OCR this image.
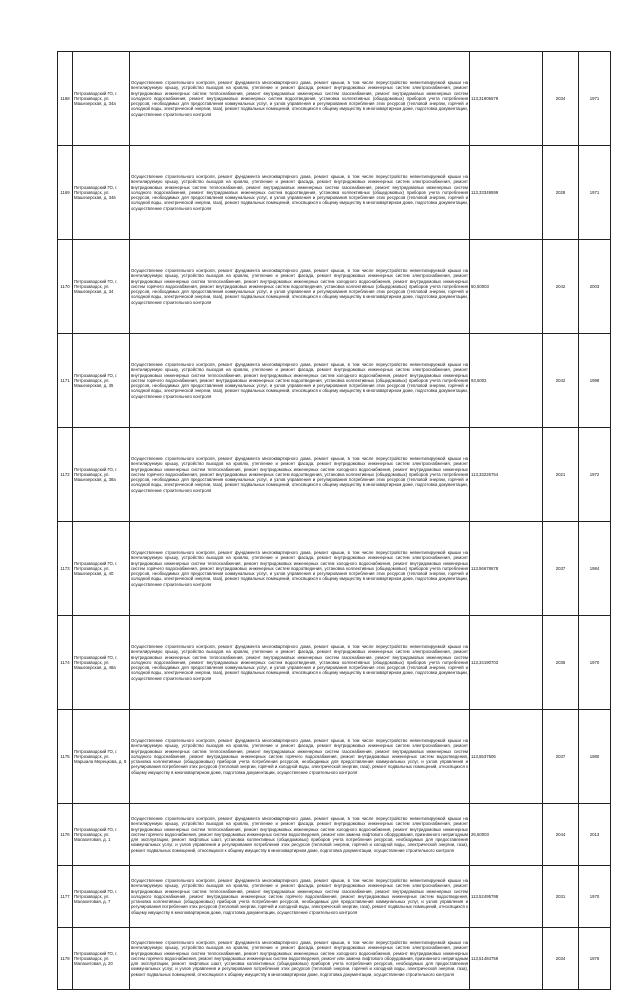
1168	Петрозаводский ГО, г. Петрозаводск, ул. Машезерская, д. 34а	Осуществление строительного контроля, ремонт фундамента многоквартирного дома, ремонт крыши, в том числе переустройство невентилируемой крыши на вентилируемую крышу, устройство выходов на кровлю, утепление и ремонт фасада, ремонт внутридомовых инженерных систем электроснабжения, ремонт внутридомовых инженерных систем теплоснабжения, ремонт внутридомовых инженерных систем газоснабжения, ремонт внутридомовых инженерных систем холодного водоснабжения, ремонт внутридомовых инженерных систем водоотведения, установка коллективных (общедомовых) приборов учета потребления ресурсов, необходимых для предоставления коммунальных услуг, и узлов управления и регулирования потребления этих ресурсов (тепловой энергии, горячей и холодной воды, электрической энергии, газа), ремонт подвальных помещений, относящихся к общему имуществу в многоквартирном доме, подготовка документации, осуществление строительного контроля	113,31905679	2034	1971
1169	Петрозаводский ГО, г. Петрозаводск, ул. Машезерская, д. 34в	Осуществление строительного контроля, ремонт фундамента многоквартирного дома, ремонт крыши, в том числе переустройство невентилируемой крыши на вентилируемую крышу, устройство выходов на кровлю, утепление и ремонт фасада, ремонт внутридомовых инженерных систем электроснабжения, ремонт внутридомовых инженерных систем теплоснабжения, ремонт внутридомовых инженерных систем газоснабжения, ремонт внутридомовых инженерных систем холодного водоснабжения, ремонт внутридомовых инженерных систем водоотведения, установка коллективных (общедомовых) приборов учета потребления ресурсов, необходимых для предоставления коммунальных услуг, и узлов управления и регулирования потребления этих ресурсов (тепловой энергии, горячей и холодной воды, электрической энергии, газа), ремонт подвальных помещений, относящихся к общему имуществу в многоквартирном доме, подготовка документации, осуществление строительного контроля	113,33349599	2028	1971
1170	Петрозаводский ГО, г. Петрозаводск, ул. Машезерская, д. 34	Осуществление строительного контроля, ремонт фундамента многоквартирного дома, ремонт крыши, в том числе переустройство невентилируемой крыши на вентилируемую крышу, устройство выходов на кровлю, утепление и ремонт фасада, ремонт внутридомовых инженерных систем электроснабжения, ремонт внутридомовых инженерных систем теплоснабжения, ремонт внутридомовых инженерных систем холодного водоснабжения, ремонт внутридомовых инженерных систем горячего водоснабжения, ремонт внутридомовых инженерных систем водоотведения, установка коллективных (общедомовых) приборов учета потребления ресурсов, необходимых для предоставления коммунальных услуг, и узлов управления и регулирования потребления этих ресурсов (тепловой энергии, горячей и холодной воды, электрической энергии, газа), ремонт подвальных помещений, относящихся к общему имуществу в многоквартирном доме, подготовка документации, осуществление строительного контроля	50,50003	2042	2003
1171	Петрозаводский ГО, г. Петрозаводск, ул. Машезерская, д. 35	Осуществление строительного контроля, ремонт фундамента многоквартирного дома, ремонт крыши, в том числе переустройство невентилируемой крыши на вентилируемую крышу, устройство выходов на кровлю, утепление и ремонт фасада, ремонт внутридомовых инженерных систем электроснабжения, ремонт внутридомовых инженерных систем теплоснабжения, ремонт внутридомовых инженерных систем холодного водоснабжения, ремонт внутридомовых инженерных систем горячего водоснабжения, ремонт внутридомовых инженерных систем водоотведения, установка коллективных (общедомовых) приборов учета потребления ресурсов, необходимых для предоставления коммунальных услуг, и узлов управления и регулирования потребления этих ресурсов (тепловой энергии, горячей и холодной воды, электрической энергии, газа), ремонт подвальных помещений, относящихся к общему имуществу в многоквартирном доме, подготовка документации, осуществление строительного контроля	93,5002	2042	1998
1172	Петрозаводский ГО, г. Петрозаводск, ул. Машезерская, д. 38а	Осуществление строительного контроля, ремонт фундамента многоквартирного дома, ремонт крыши, в том числе переустройство невентилируемой крыши на вентилируемую крышу, устройство выходов на кровлю, утепление и ремонт фасада, ремонт внутридомовых инженерных систем электроснабжения, ремонт внутридомовых инженерных систем теплоснабжения, ремонт внутридомовых инженерных систем холодного водоснабжения, ремонт внутридомовых инженерных систем горячего водоснабжения, ремонт внутридомовых инженерных систем водоотведения, установка коллективных (общедомовых) приборов учета потребления ресурсов, необходимых для предоставления коммунальных услуг, и узлов управления и регулирования потребления этих ресурсов (тепловой энергии, горячей и холодной воды, электрической энергии, газа), ремонт подвальных помещений, относящихся к общему имуществу в многоквартирном доме, подготовка документации, осуществление строительного контроля	113,33226754	2021	1972
1173	Петрозаводский ГО, г. Петрозаводск, ул. Машезерская, д. 40	Осуществление строительного контроля, ремонт фундамента многоквартирного дома, ремонт крыши, в том числе переустройство невентилируемой крыши на вентилируемую крышу, устройство выходов на кровлю, утепление и ремонт фасада, ремонт внутридомовых инженерных систем электроснабжения, ремонт внутридомовых инженерных систем теплоснабжения, ремонт внутридомовых инженерных систем холодного водоснабжения, ремонт внутридомовых инженерных систем горячего водоснабжения, ремонт внутридомовых инженерных систем водоотведения, установка коллективных (общедомовых) приборов учета потребления ресурсов, необходимых для предоставления коммунальных услуг, и узлов управления и регулирования потребления этих ресурсов (тепловой энергии, горячей и холодной воды, электрической энергии, газа), ремонт подвальных помещений, относящихся к общему имуществу в многоквартирном доме, подготовка документации, осуществление строительного контроля	113,56678678	2037	1984
1174	Петрозаводский ГО, г. Петрозаводск, ул. Машезерская, д. 48а	Осуществление строительного контроля, ремонт фундамента многоквартирного дома, ремонт крыши, в том числе переустройство невентилируемой крыши на вентилируемую крышу, устройство выходов на кровлю, утепление и ремонт фасада, ремонт внутридомовых инженерных систем электроснабжения, ремонт внутридомовых инженерных систем теплоснабжения, ремонт внутридомовых инженерных систем газоснабжения, ремонт внутридомовых инженерных систем холодного водоснабжения, ремонт внутридомовых инженерных систем водоотведения, установка коллективных (общедомовых) приборов учета потребления ресурсов, необходимых для предоставления коммунальных услуг, и узлов управления и регулирования потребления этих ресурсов (тепловой энергии, горячей и холодной воды, электрической энергии, газа), ремонт подвальных помещений, относящихся к общему имуществу в многоквартирном доме, подготовка документации, осуществление строительного контроля	113,34190703	2035	1970
1175	Петрозаводский ГО, г. Петрозаводск, ул. Маршала Мерецкова, д. 8	Осуществление строительного контроля, ремонт фундамента многоквартирного дома, ремонт крыши, в том числе переустройство невентилируемой крыши на вентилируемую крышу, устройство выходов на кровлю, утепление и ремонт фасада, ремонт внутридомовых инженерных систем электроснабжения, ремонт внутридомовых инженерных систем теплоснабжения, ремонт внутридомовых инженерных систем газоснабжения, ремонт внутридомовых инженерных систем холодного водоснабжения, ремонт внутридомовых инженерных систем горячего водоснабжения, ремонт внутридомовых инженерных систем водоотведения, установка коллективных (общедомовых) приборов учета потребления ресурсов, необходимых для предоставления коммунальных услуг, и узлов управления и регулирования потребления этих ресурсов (тепловой энергии, горячей и холодной воды, электрической энергии, газа), ремонт подвальных помещений, относящихся к общему имуществу в многоквартирном доме, подготовка документации, осуществление строительного контроля	113,5537506	2037	1980
1176	Петрозаводский ГО, г. Петрозаводск, ул. Малахитовая, д. 1	Осуществление строительного контроля, ремонт фундамента многоквартирного дома, ремонт крыши, в том числе переустройство невентилируемой крыши на вентилируемую крышу, устройство выходов на кровлю, утепление и ремонт фасада, ремонт внутридомовых инженерных систем электроснабжения, ремонт внутридомовых инженерных систем теплоснабжения, ремонт внутридомовых инженерных систем холодного водоснабжения, ремонт внутридомовых инженерных систем горячего водоснабжения, ремонт внутридомовых инженерных систем водоотведения, ремонт или замена лифтового оборудования, признанного непригодным для эксплуатации, ремонт лифтовых шахт, установка коллективных (общедомовых) приборов учета потребления ресурсов, необходимых для предоставления коммунальных услуг, и узлов управления и регулирования потребления этих ресурсов (тепловой энергии, горячей и холодной воды, электрической энергии, газа), ремонт подвальных помещений, относящихся к общему имуществу в многоквартирном доме, подготовка документации, осуществление строительного контроля	26,50003	2044	2013
1177	Петрозаводский ГО, г. Петрозаводск, ул. Малахитовая, д. 7	Осуществление строительного контроля, ремонт фундамента многоквартирного дома, ремонт крыши, в том числе переустройство невентилируемой крыши на вентилируемую крышу, устройство выходов на кровлю, утепление и ремонт фасада, ремонт внутридомовых инженерных систем электроснабжения, ремонт внутридомовых инженерных систем теплоснабжения, ремонт внутридомовых инженерных систем газоснабжения, ремонт внутридомовых инженерных систем холодного водоснабжения, ремонт внутридомовых инженерных систем горячего водоснабжения, ремонт внутридомовых инженерных систем водоотведения, установка коллективных (общедомовых) приборов учета потребления ресурсов, необходимых для предоставления коммунальных услуг, и узлов управления и регулирования потребления этих ресурсов (тепловой энергии, горячей и холодной воды, электрической энергии, газа), ремонт подвальных помещений, относящихся к общему имуществу в многоквартирном доме, подготовка документации, осуществление строительного контроля	113,52495798	2031	1970
1178	Петрозаводский ГО, г. Петрозаводск, ул. Малахитовая, д. 20	Осуществление строительного контроля, ремонт фундамента многоквартирного дома, ремонт крыши, в том числе переустройство невентилируемой крыши на вентилируемую крышу, устройство выходов на кровлю, утепление и ремонт фасада, ремонт внутридомовых инженерных систем электроснабжения, ремонт внутридомовых инженерных систем теплоснабжения, ремонт внутридомовых инженерных систем холодного водоснабжения, ремонт внутридомовых инженерных систем горячего водоснабжения, ремонт внутридомовых инженерных систем водоотведения, ремонт или замена лифтового оборудования, признанного непригодным для эксплуатации, ремонт лифтовых шахт, установка коллективных (общедомовых) приборов учета потребления ресурсов, необходимых для предоставления коммунальных услуг, и узлов управления и регулирования потребления этих ресурсов (тепловой энергии, горячей и холодной воды, электрической энергии, газа), ремонт подвальных помещений, относящихся к общему имуществу в многоквартирном доме, подготовка документации, осуществление строительного контроля	113,51484759	2034	1976
